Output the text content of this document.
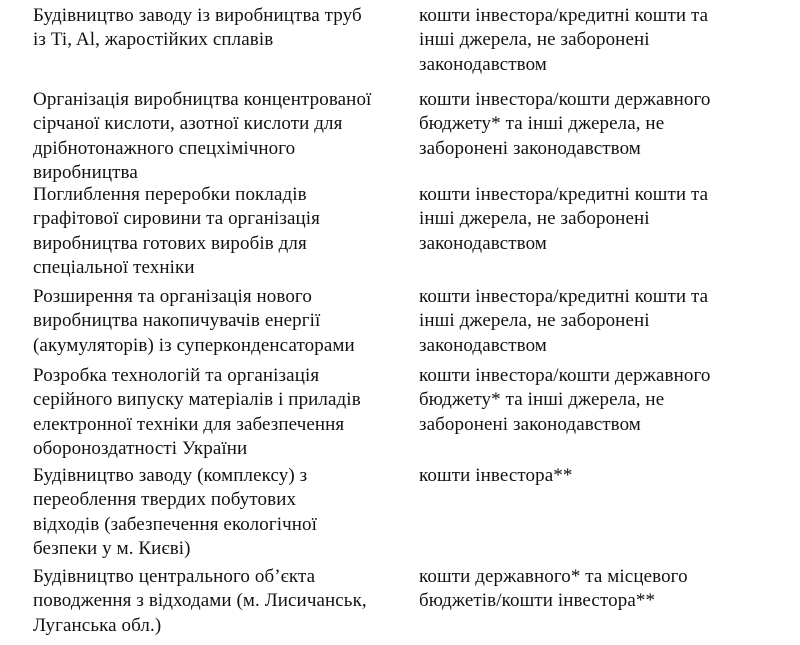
Будівництво заводу із виробництва труб
із Ti, Al, жаростійких сплавів
кошти інвестора/кредитні кошти та
інші джерела, не заборонені
законодавством
Організація виробництва концентрованої
сірчаної кислоти, азотної кислоти для
дрібнотонажного спецхімічного
виробництва
кошти інвестора/кошти державного
бюджету* та інші джерела, не
заборонені законодавством
Поглиблення переробки покладів
графітової сировини та організація
виробництва готових виробів для
спеціальної техніки
кошти інвестора/кредитні кошти та
інші джерела, не заборонені
законодавством
Розширення та організація нового
виробництва накопичувачів енергії
(акумуляторів) із суперконденсаторами
кошти інвестора/кредитні кошти та
інші джерела, не заборонені
законодавством
Розробка технологій та організація
серійного випуску матеріалів і приладів
електронної техніки для забезпечення
обороноздатності України
кошти інвестора/кошти державного
бюджету* та інші джерела, не
заборонені законодавством
Будівництво заводу (комплексу) з
переоблення твердих побутових
відходів (забезпечення екологічної
безпеки у м. Києві)
кошти інвестора**
Будівництво центрального об’єкта
поводження з відходами (м. Лисичанськ,
Луганська обл.)
кошти державного* та місцевого
бюджетів/кошти інвестора**
